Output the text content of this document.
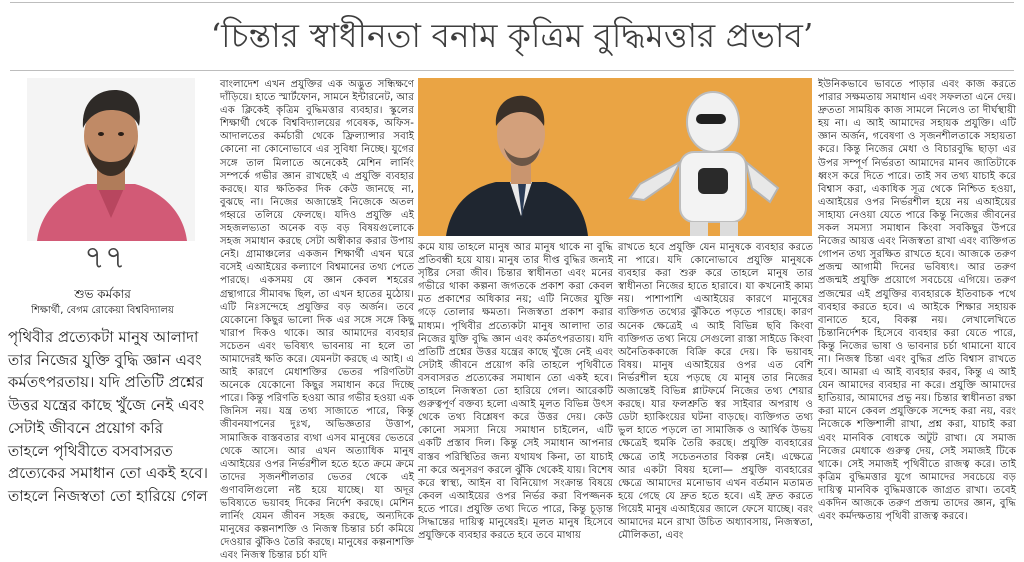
‘চিন্তার স্বাধীনতা বনাম কৃত্রিম বুদ্ধিমত্তার প্রভাব’
৭৭
শুভ কর্মকার
শিক্ষার্থী, বেগম রোকেয়া বিশ্ববিদ্যালয়
পৃথিবীর প্রত্যেকটা মানুষ আলাদা তার নিজের যুক্তি বুদ্ধি জ্ঞান এবং কর্মতৎপরতায়। যদি প্রতিটি প্রশ্নের উত্তর যন্ত্রের কাছে খুঁজে নেই এবং সেটাই জীবনে প্রয়োগ করি তাহলে পৃথিবীতে বসবাসরত প্রত্যেকের সমাধান তো একই হবে। তাহলে নিজস্বতা তো হারিয়ে গেল

বাংলাদেশ এখন প্রযুক্তির এক অদ্ভুত সন্ধিক্ষণে দাঁড়িয়ে। হাতে স্মার্টফোন, সামনে ইন্টারনেট, আর এক ক্লিকেই কৃত্রিম বুদ্ধিমত্তার ব্যবহার। স্কুলের শিক্ষার্থী থেকে বিশ্ববিদ্যালয়ের গবেষক, অফিস-আদালতের কর্মচারী থেকে ফ্রিল্যান্সার সবাই কোনো না কোনোভাবে এর সুবিধা নিচ্ছে। যুগের সঙ্গে তাল মিলাতে অনেকেই মেশিন লার্নিং সম্পর্কে গভীর জ্ঞান রাখছেই এ প্রযুক্তি ব্যবহার করছে। যার ক্ষতিকর দিক কেউ জানছে না, বুঝছে না। নিজের অজান্তেই নিজেকে অতল গহ্বরে তলিয়ে ফেলছে। যদিও প্রযুক্তি এই সহজলভ্যতা অনেক বড় বড় বিষয়গুলোকে সহজ সমাধান করছে সেটা অস্বীকার করার উপায় নেই। গ্রামাঞ্চলের একজন শিক্ষার্থী এখন ঘরে বসেই এআইয়ের কল্যাণে বিশ্বমানের তথ্য পেতে পারছে। একসময় যে জ্ঞান কেবল শহরের গ্রন্থাগারে সীমাবদ্ধ ছিল, তা এখন হাতের মুঠোয়। এটি নিঃসন্দেহে প্রযুক্তির বড় অর্জন। তবে যেকোনো কিছুর ভালো দিক এর সঙ্গে সঙ্গে কিছু খারাপ দিকও থাকে। আর আমাদের ব্যবহার সচেতন এবং ভবিষ্যৎ ভাবনায় না হলে তা আমাদেরই ক্ষতি করে। যেমনটা করছে এ আই। এ আই কারণে মেধাশক্তির ভেতর পরিণতিটা অনেকে যেকোনো কিছুর সমাধান করে দিচ্ছে পারে। কিন্তু পরিণতি হওয়া আর গভীর হওয়া এক জিনিস নয়। যন্ত্র তথ্য সাজাতে পারে, কিন্তু জীবনযাপনের দুঃখ, অভিজ্ঞতার উত্তাপ, সামাজিক বাস্তবতার ব্যথা এসব মানুষের ভেতরে থেকে আসে। আর এখন অত্যাধিক মানুষ এআইয়ের ওপর নির্ভরশীল হতে হতে ক্রমে ক্রমে তাদের সৃজনশীলতার ভেতর থেকে এই গুণাবলিগুলো নষ্ট হয়ে যাচ্ছে। যা অদূর ভবিষ্যতে ভয়াবহ দিকের নির্দেশ করছে। মেশিন লার্নিং যেমন জীবন সহজ করছে, অন্যদিকে মানুষের কল্পনাশক্তি ও নিজস্ব চিন্তার চর্চা কমিয়ে দেওয়ার ঝুঁকিও তৈরি করছে। মানুষের কল্পনাশক্তি এবং নিজস্ব চিন্তার চর্চা যদি

কমে যায় তাহলে মানুষ আর মানুষ থাকে না বুদ্ধি প্রতিবন্ধী হয়ে যায়। মানুষ তার দীপ্ত বুদ্ধির জন্যই সৃষ্টির সেরা জীব। চিন্তার স্বাধীনতা এবং মনের গভীরে থাকা কল্পনা জগতকে প্রকাশ করা কেবল মত প্রকাশের অধিকার নয়; এটি নিজের যুক্তি গড়ে তোলার ক্ষমতা। নিজস্বতা প্রকাশ করার মাধ্যম। পৃথিবীর প্রত্যেকটা মানুষ আলাদা তার নিজের যুক্তি বুদ্ধি জ্ঞান এবং কর্মতৎপরতায়। যদি প্রতিটি প্রশ্নের উত্তর যন্ত্রের কাছে খুঁজে নেই এবং সেটাই জীবনে প্রয়োগ করি তাহলে পৃথিবীতে বসবাসরত প্রত্যেকের সমাধান তো একই হবে। তাহলে নিজস্বতা তো হারিয়ে গেল। আরেকটি গুরুত্বপূর্ণ বক্তব্য হলো এআই মূলত বিভিন্ন উৎস থেকে তথ্য বিশ্লেষণ করে উত্তর দেয়। কেউ কোনো সমস্যা নিয়ে সমাধান চাইলেন, এটি একটি প্রস্তাব দিল। কিন্তু সেই সমাধান আপনার বাস্তব পরিস্থিতির জন্য যথাযথ কিনা, তা যাচাই না করে অনুসরণ করলে ঝুঁকি থেকেই যায়। বিশেষ করে স্বাস্থ্য, আইন বা বিনিয়োগ সংক্রান্ত বিষয়ে কেবল এআইয়ের ওপর নির্ভর করা বিপজ্জনক হতে পারে। প্রযুক্তি তথ্য দিতে পারে, কিন্তু চূড়ান্ত সিদ্ধান্তের দায়িত্ব মানুষেরই। মূলত মানুষ হিসেবে প্রযুক্তিকে ব্যবহার করতে হবে তবে মাথায়

রাখতে হবে প্রযুক্তি যেন মানুষকে ব্যবহার করতে না পারে। যদি কোনোভাবে প্রযুক্তি মানুষকে ব্যবহার করা শুরু করে তাহলে মানুষ তার স্বাধীনতা নিজের হাতে হারাবে। যা কখনোই কাম্য নয়। পাশাপাশি এআইয়ের কারণে মানুষের ব্যক্তিগত তথ্যের ঝুঁকিতে পড়তে পারছে। কারণ অনেক ক্ষেত্রেই এ আই বিভিন্ন ছবি কিংবা ব্যক্তিগত তথ্য নিয়ে সেগুলো রাস্তা সাইডে কিংবা অনৈতিককাজে বিক্রি করে দেয়। কি ভয়াবহ বিষয়। মানুষ এআইয়ের ওপর এত বেশি নির্ভরশীল হয়ে পড়ছে যে মানুষ তার নিজের অজান্তেই বিভিন্ন প্লাটফর্মে নিজের তথ্য শেয়ার করছে। যার ফলশ্রুতি স্বর সাইবার অপরাধ ও ডেটা হ্যাকিংয়ের ঘটনা বাড়ছে। ব্যক্তিগত তথ্য ভুল হাতে পড়লে তা সামাজিক ও আর্থিক উভয় ক্ষেত্রেই হুমকি তৈরি করছে। প্রযুক্তি ব্যবহারের ক্ষেত্রে তাই সচেতনতার বিকল্প নেই। এক্ষেত্রে আর একটা বিষয় হলো— প্রযুক্তি ব্যবহারের ক্ষেত্রে আমাদের মনোভাব এখন বর্তমান মতামত হয়ে গেছে যে দ্রুত হতে হবে। এই দ্রুত করতে গিয়েই মানুষ এআইয়ের জালে ফেসে যাচ্ছে। বরং আমাদের মনে রাখা উচিত অধ্যাবসায়, নিজস্বতা, মৌলিকতা, এবং

ইউনিকভাবে ভাবতে পাড়ার এবং কাজ করতে পারার সক্ষমতায় সমাধান এবং সফলতা এনে দেয়। দ্রুততা সাময়িক কাজ সামলে নিলেও তা দীর্ঘস্থায়ী হয় না। এ আই আমাদের সহায়ক প্রযুক্তি। এটি জ্ঞান অর্জন, গবেষণা ও সৃজনশীলতাকে সহায়তা করে। কিন্তু নিজের মেধা ও বিচারবুদ্ধি ছাড়া এর উপর সম্পূর্ণ নির্ভরতা আমাদের মানব জাতিটাকে ধ্বংস করে দিতে পারে। তাই সব তথ্য যাচাই করে বিশ্বাস করা, একাধিক সূত্র থেকে নিশ্চিত হওয়া, এআইয়ের ওপর নির্ভরশীল হয়ে নয় এআইয়ের সাহায্য নেওয়া যেতে পারে কিন্তু নিজের জীবনের সকল সমস্যা সমাধান কিংবা সবকিছুর উপরে নিজের আয়ত্ত এবং নিজস্বতা রাখা এবং ব্যক্তিগত গোপন তথ্য সুরক্ষিত রাখতে হবে। আজকে তরুণ প্রজন্ম আগামী দিনের ভবিষ্যৎ। আর তরুণ প্রজন্মই প্রযুক্তি প্রয়োগে সবচেয়ে এগিয়ে। তরুণ প্রজন্মের এই প্রযুক্তির ব্যবহারকে ইতিবাচক পথে ব্যবহার করতে হবে। এ আইকে শিক্ষার সহায়ক বানাতে হবে, বিকল্প নয়। লেখালেখিতে চিন্তানির্দেশক হিসেবে ব্যবহার করা যেতে পারে, কিন্তু নিজের ভাষা ও ভাবনার চর্চা থামানো যাবে না। নিজস্ব চিন্তা এবং বুদ্ধির প্রতি বিশ্বাস রাখতে হবে। আমরা এ আই ব্যবহার করব, কিন্তু এ আই যেন আমাদের ব্যবহার না করে। প্রযুক্তি আমাদের হাতিয়ার, আমাদের প্রভু নয়। চিন্তার স্বাধীনতা রক্ষা করা মানে কেবল প্রযুক্তিকে সন্দেহ করা নয়, বরং নিজেকে শক্তিশালী রাখা, প্রশ্ন করা, যাচাই করা এবং মানবিক বোধকে অটুট রাখা। যে সমাজ নিজের মেধাকে গুরুত্ব দেয়, সেই সমাজই টিকে থাকে। সেই সমাজই পৃথিবীতে রাজত্ব করে। তাই কৃত্রিম বুদ্ধিমত্তার যুগে আমাদের সবচেয়ে বড় দায়িত্ব মানবিক বুদ্ধিমত্তাকে জাগ্রত রাখা। তবেই একদিন আজকে তরুণ প্রজন্ম তাদের জ্ঞান, বুদ্ধি এবং কর্মদক্ষতায় পৃথিবী রাজত্ব করবে।
